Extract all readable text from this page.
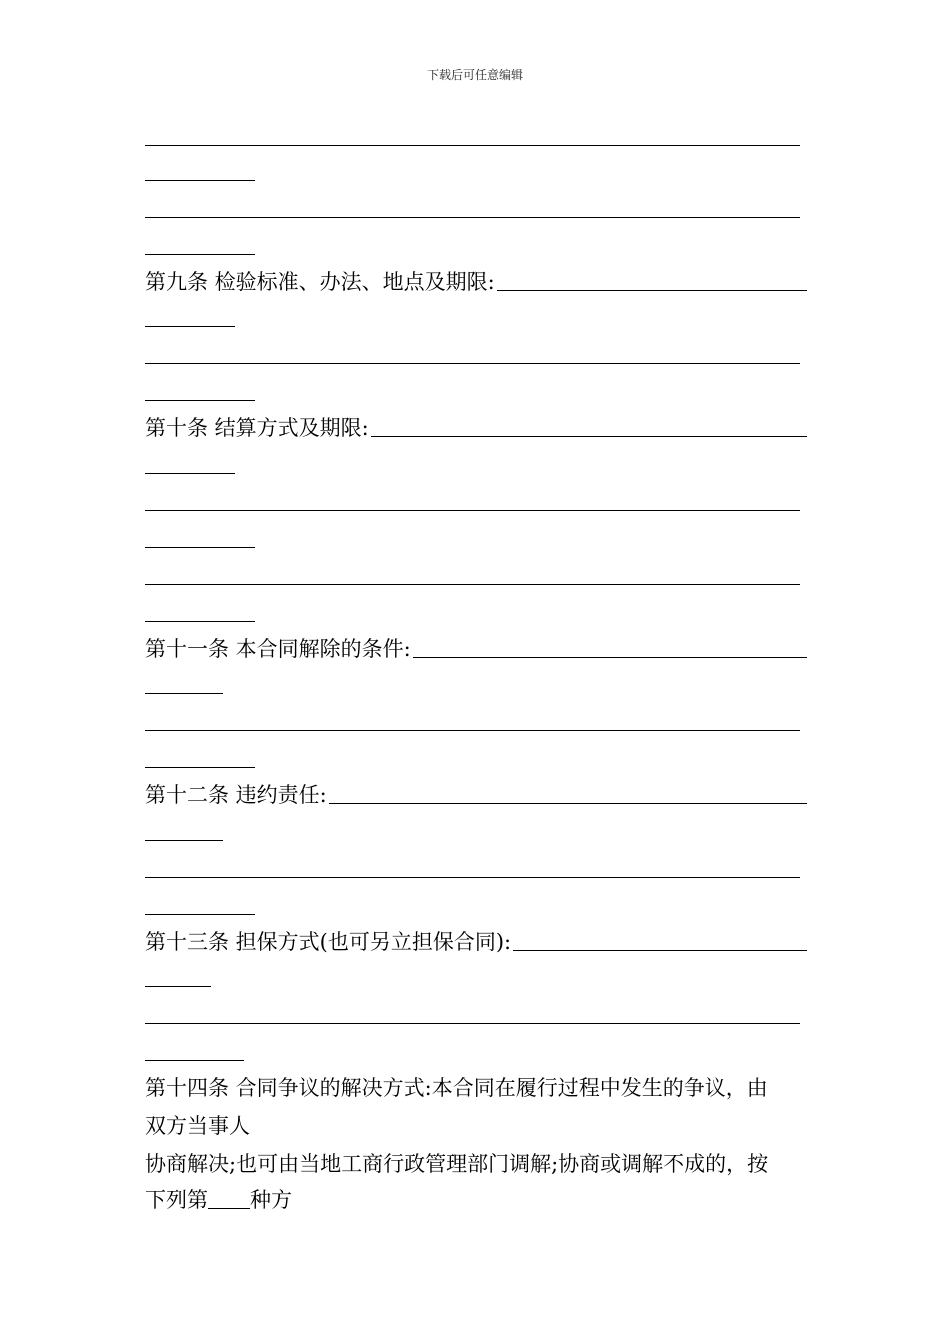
下载后可任意编辑
第九条 检验标准、办法、地点及期限:
第十条 结算方式及期限:
第十一条 本合同解除的条件:
第十二条 违约责任:
第十三条 担保方式(也可另立担保合同):
第十四条 合同争议的解决方式:本合同在履行过程中发生的争议，由
双方当事人
协商解决;也可由当地工商行政管理部门调解;协商或调解不成的，按
下列第 种方
